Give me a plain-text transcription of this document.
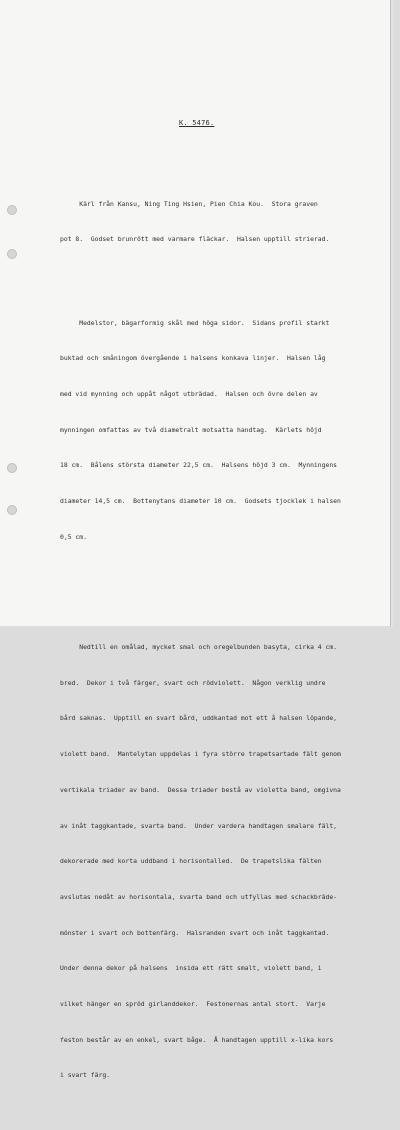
K. 5476.

Kärl från Kansu, Ning Ting Hsien, Pien Chia Kou.  Stora graven

pot 8.  Godset brunrött med varmare fläckar.  Halsen upptill strierad.

Medelstor, bägarformig skål med höga sidor.  Sidans profil starkt

buktad och småningom övergående i halsens konkava linjer.  Halsen låg

med vid mynning och uppåt något utbrädad.  Halsen och övre delen av

mynningen omfattas av två diametralt motsatta handtag.  Kärlets höjd

18 cm.  Bålens största diameter 22,5 cm.  Halsens höjd 3 cm.  Mynningens

diameter 14,5 cm.  Bottenytans diameter 10 cm.  Godsets tjocklek i halsen

0,5 cm.

Nedtill en omålad, mycket smal och oregelbunden basyta, cirka 4 cm.

bred.  Dekor i två färger, svart och rödviolett.  Någon verklig undre

bård saknas.  Upptill en svart bård, uddkantad mot ett å halsen löpande,

violett band.  Mantelytan uppdelas i fyra större trapetsartade fält genom

vertikala triader av band.  Dessa triader bestå av violetta band, omgivna

av inåt taggkantade, svarta band.  Under vardera handtagen smalare fält,

dekorerade med korta uddband i horisontalled.  De trapetslika fälten

avslutas nedåt av horisontala, svarta band och utfyllas med schackbräde-

mönster i svart och bottenfärg.  Halsranden svart och inåt taggkantad.

Under denna dekor på halsens  insida ett rätt smalt, violett band, i

vilket hänger en spröd girlanddekor.  Festonernas antal stort.  Varje

feston består av en enkel, svart båge.  Å handtagen upptill x-lika kors

i svart färg.
